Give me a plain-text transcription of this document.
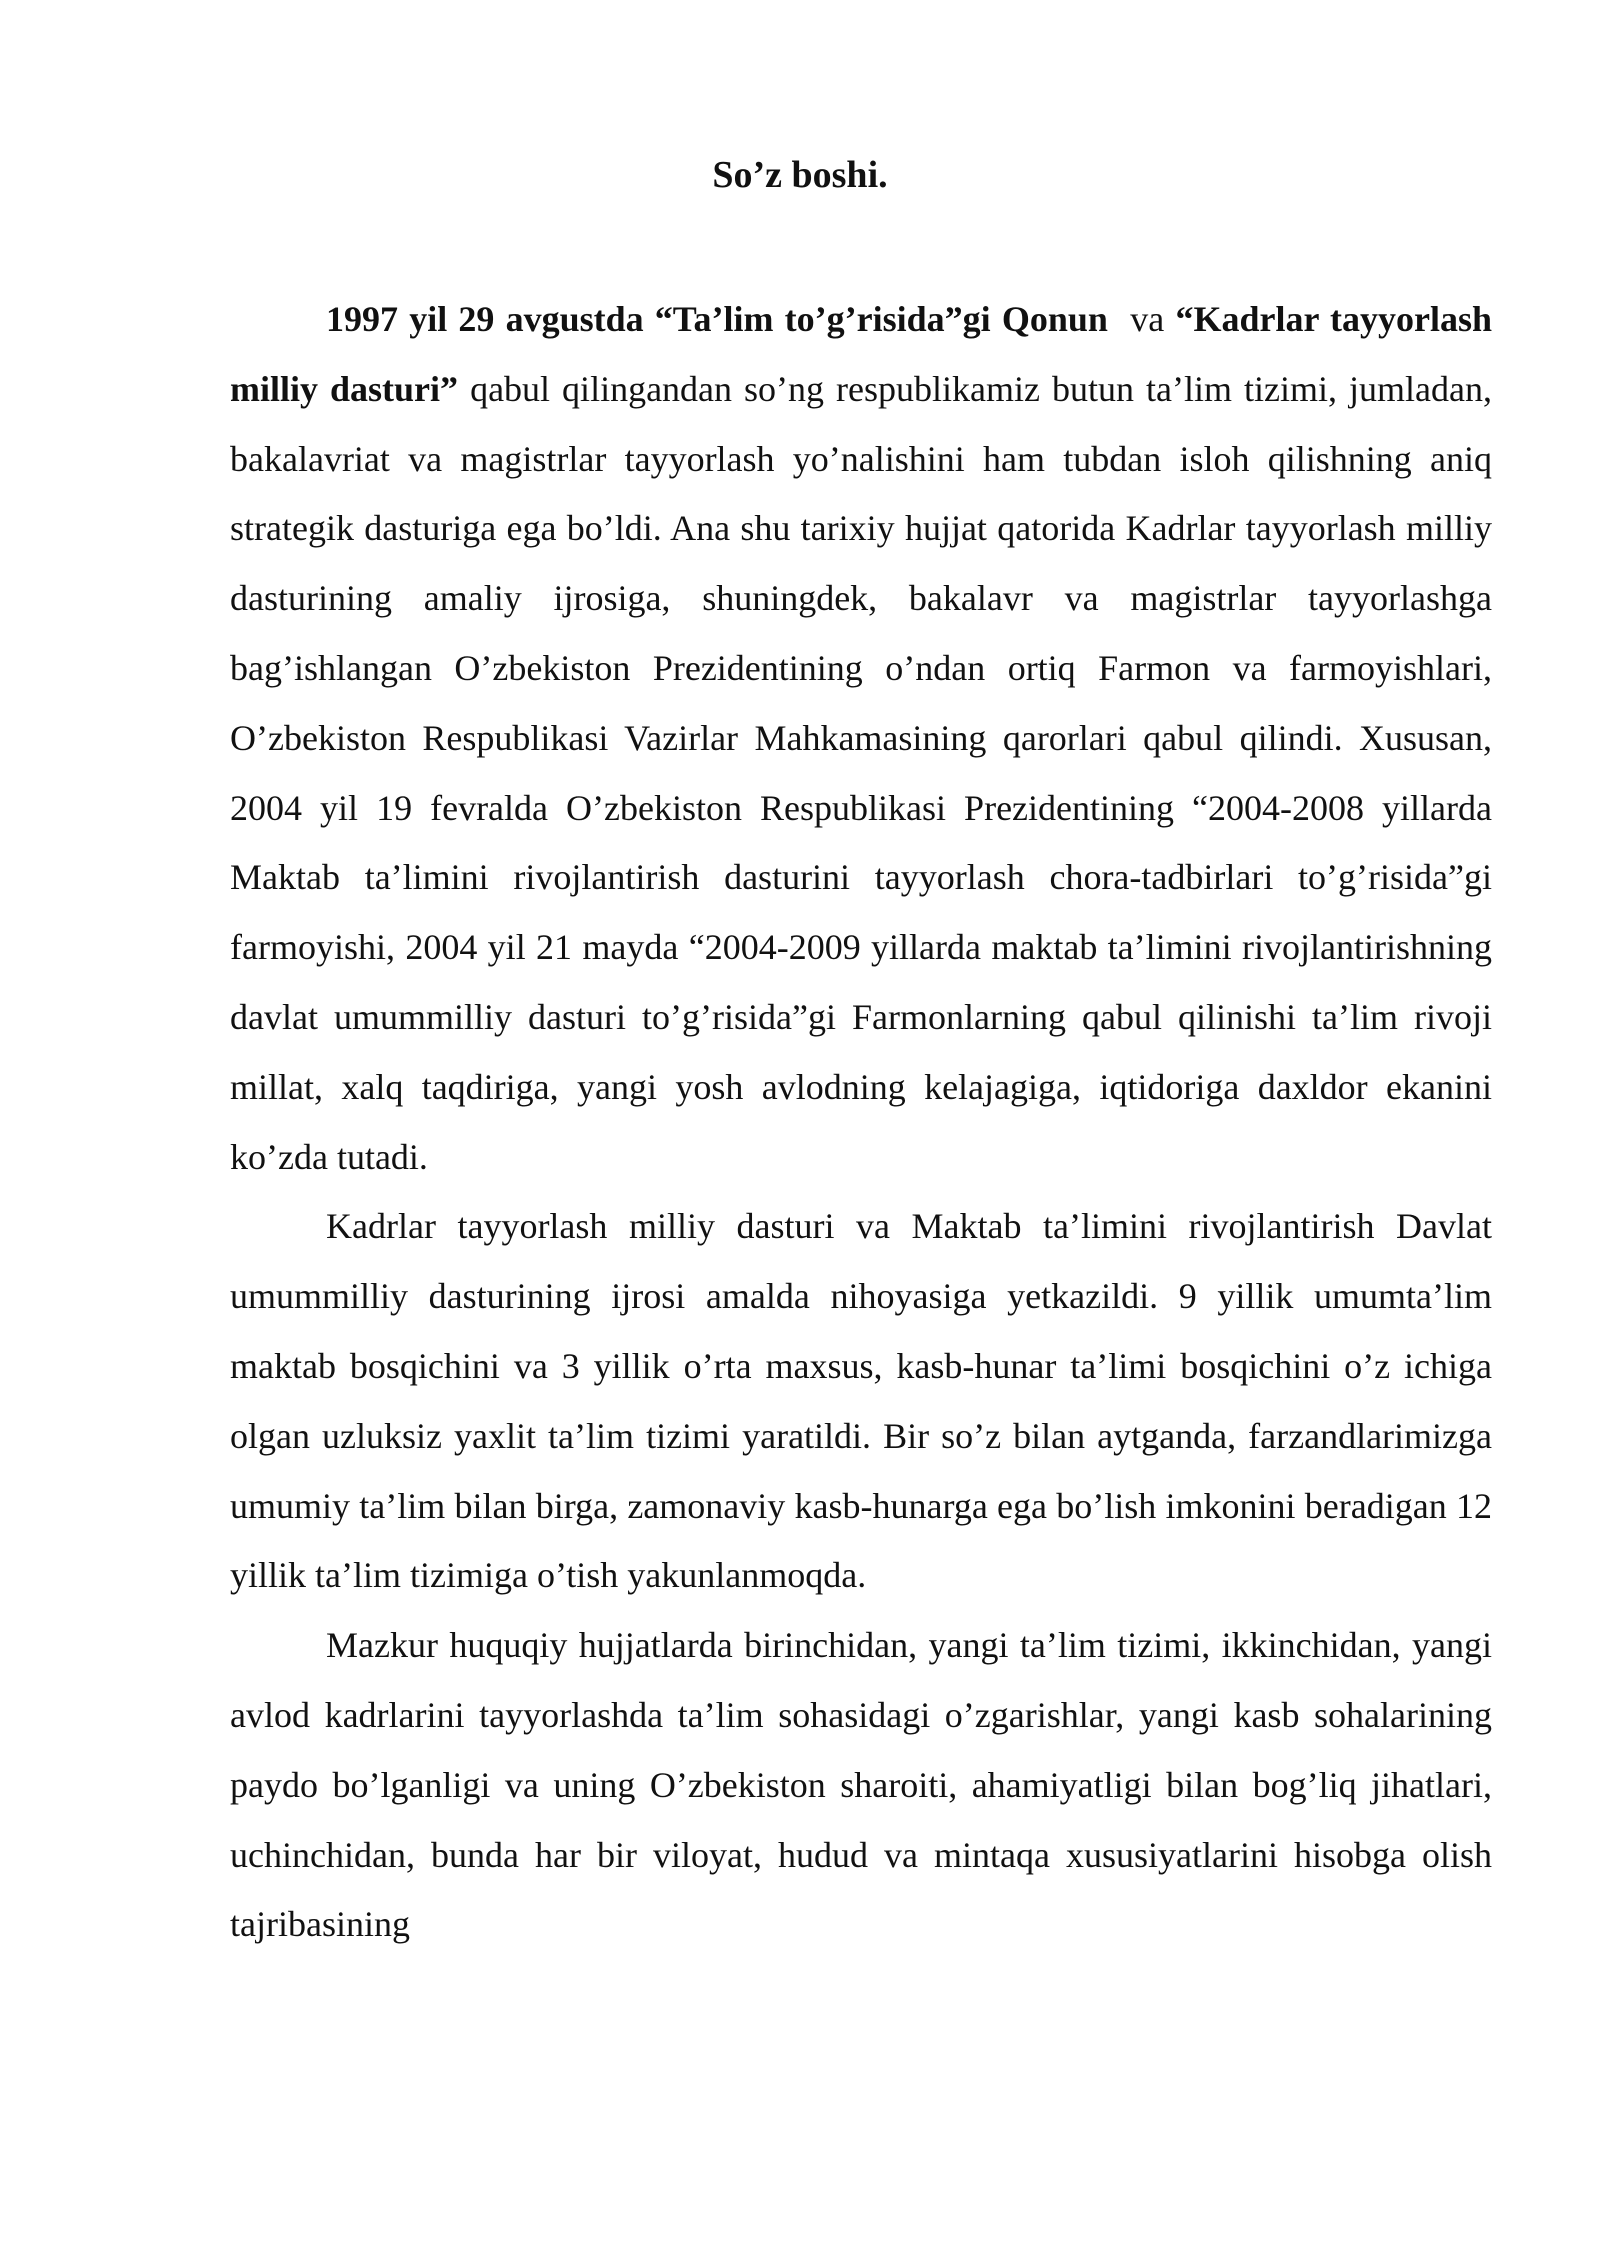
So’z boshi.

1997 yil 29 avgustda “Ta’lim to’g’risida”gi Qonun  va “Kadrlar tayyorlash milliy dasturi” qabul qilingandan so’ng respublikamiz butun ta’lim tizimi, jumladan, bakalavriat va magistrlar tayyorlash yo’nalishini ham tubdan isloh qilishning aniq strategik dasturiga ega bo’ldi. Ana shu tarixiy hujjat qatorida Kadrlar tayyorlash milliy dasturining amaliy ijrosiga, shuningdek, bakalavr va magistrlar tayyorlashga bag’ishlangan O’zbekiston Prezidentining o’ndan ortiq Farmon va farmoyishlari, O’zbekiston Respublikasi Vazirlar Mahkamasining qarorlari qabul qilindi. Xususan, 2004 yil 19 fevralda O’zbekiston Respublikasi Prezidentining “2004-2008 yillarda Maktab ta’limini rivojlantirish dasturini tayyorlash chora-tadbirlari to’g’risida”gi farmoyishi, 2004 yil 21 mayda “2004-2009 yillarda maktab ta’limini rivojlantirishning davlat umummilliy dasturi to’g’risida”gi Farmonlarning qabul qilinishi ta’lim rivoji millat, xalq taqdiriga, yangi yosh avlodning kelajagiga, iqtidoriga daxldor ekanini ko’zda tutadi.

Kadrlar tayyorlash milliy dasturi va Maktab ta’limini rivojlantirish Davlat umummilliy dasturining ijrosi amalda nihoyasiga yetkazildi. 9 yillik umumta’lim maktab bosqichini va 3 yillik o’rta maxsus, kasb-hunar ta’limi bosqichini o’z ichiga olgan uzluksiz yaxlit ta’lim tizimi yaratildi. Bir so’z bilan aytganda, farzandlarimizga umumiy ta’lim bilan birga, zamonaviy kasb-hunarga ega bo’lish imkonini beradigan 12 yillik ta’lim tizimiga o’tish yakunlanmoqda.

Mazkur huquqiy hujjatlarda birinchidan, yangi ta’lim tizimi, ikkinchidan, yangi avlod kadrlarini tayyorlashda ta’lim sohasidagi o’zgarishlar, yangi kasb sohalarining paydo bo’lganligi va uning O’zbekiston sharoiti, ahamiyatligi bilan bog’liq jihatlari, uchinchidan, bunda har bir viloyat, hudud va mintaqa xususiyatlarini hisobga olish tajribasining
